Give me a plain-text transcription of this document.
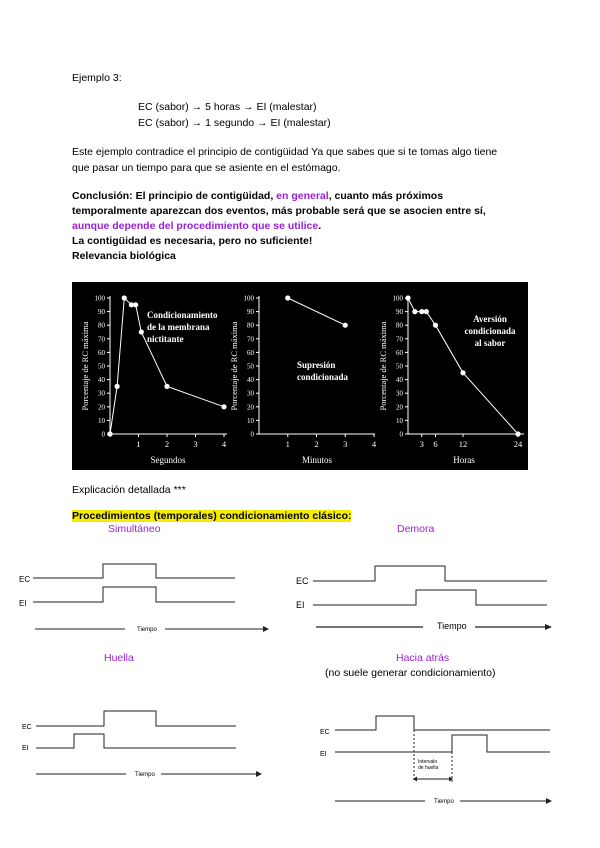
Ejemplo 3:
EC (sabor) → 5 horas → EI (malestar)
EC (sabor) → 1 segundo → EI (malestar)
Este ejemplo contradice el principio de contigüidad Ya que sabes que si te tomas algo tiene
que pasar un tiempo para que se asiente en el estómago.
Conclusión: El principio de contigüidad, en general, cuanto más próximos
temporalmente aparezcan dos eventos, más probable será que se asocien entre sí,
aunque depende del procedimiento que se utilice.
La contigüidad es necesaria, pero no suficiente!
Relevancia biológica
100
90
80
70
60
50
40
30
20
10
0
Porcentaje de RC máxima
1	2	3	4
Segundos
Condicionamiento
de la membrana
nictitante
100
90
80
70
60
50
40
30
20
10
0
Porcentaje de RC máxima
1	2	3	4
Minutos
Supresión
condicionada
100
90
80
70
60
50
40
30
20
10
0
Porcentaje de RC máxima
3 6 12	24
Horas
Aversión
condicionada
al sabor
Explicación detallada ***
Procedimientos (temporales) condicionamiento clásico:
Simultáneo	Demora
EC
EI
Tiempo
EC
EI
Tiempo
Huella	Hacia atrás
(no suele generar condicionamiento)
EC
EI
Tiempo
EC
EI
Intervalo
de huella
Tiempo
